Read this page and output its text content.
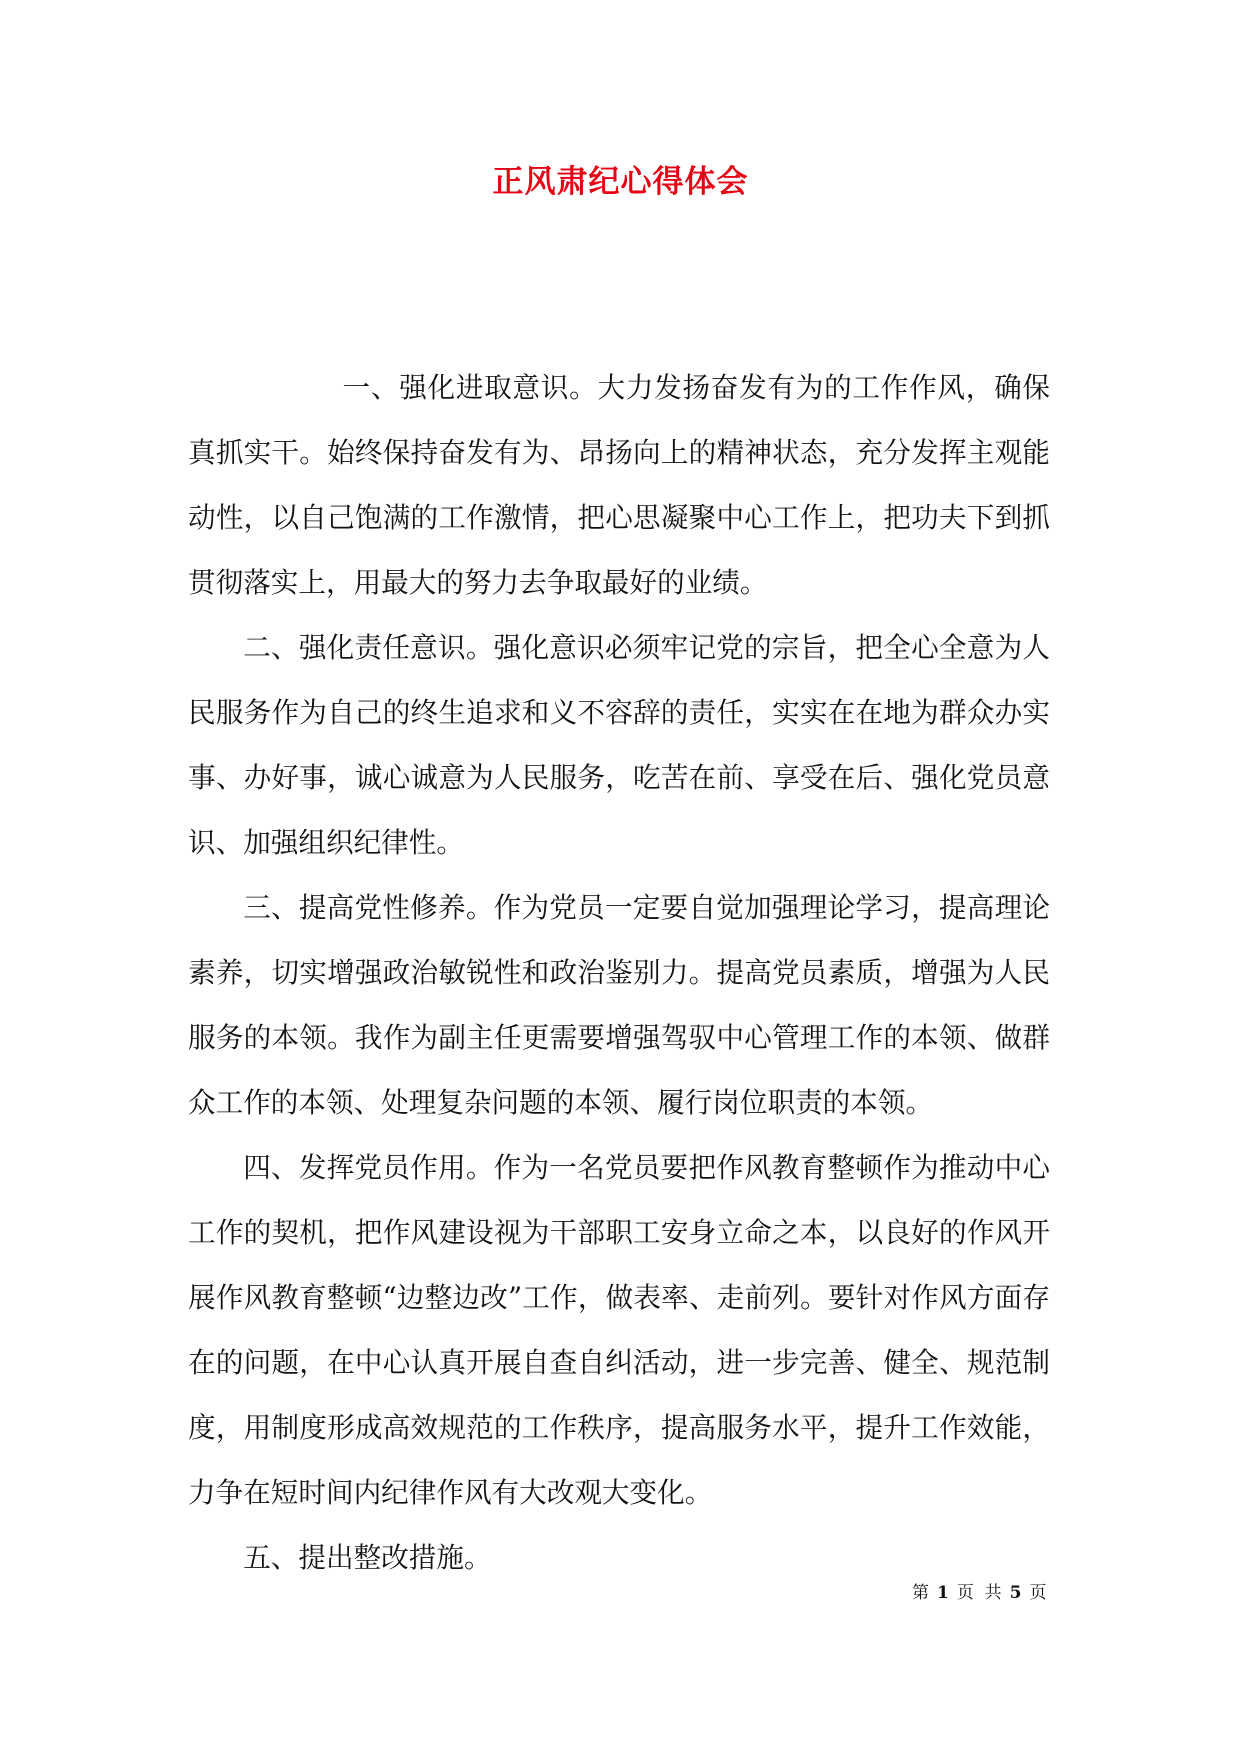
正风肃纪心得体会

一、强化进取意识。大力发扬奋发有为的工作作风，确保真抓实干。始终保持奋发有为、昂扬向上的精神状态，充分发挥主观能动性，以自己饱满的工作激情，把心思凝聚中心工作上，把功夫下到抓贯彻落实上，用最大的努力去争取最好的业绩。

二、强化责任意识。强化意识必须牢记党的宗旨，把全心全意为人民服务作为自己的终生追求和义不容辞的责任，实实在在地为群众办实事、办好事，诚心诚意为人民服务，吃苦在前、享受在后、强化党员意识、加强组织纪律性。

三、提高党性修养。作为党员一定要自觉加强理论学习，提高理论素养，切实增强政治敏锐性和政治鉴别力。提高党员素质，增强为人民服务的本领。我作为副主任更需要增强驾驭中心管理工作的本领、做群众工作的本领、处理复杂问题的本领、履行岗位职责的本领。

四、发挥党员作用。作为一名党员要把作风教育整顿作为推动中心工作的契机，把作风建设视为干部职工安身立命之本，以良好的作风开展作风教育整顿“边整边改”工作，做表率、走前列。要针对作风方面存在的问题，在中心认真开展自查自纠活动，进一步完善、健全、规范制度，用制度形成高效规范的工作秩序，提高服务水平，提升工作效能，力争在短时间内纪律作风有大改观大变化。

五、提出整改措施。

第 1 页  共 5 页
